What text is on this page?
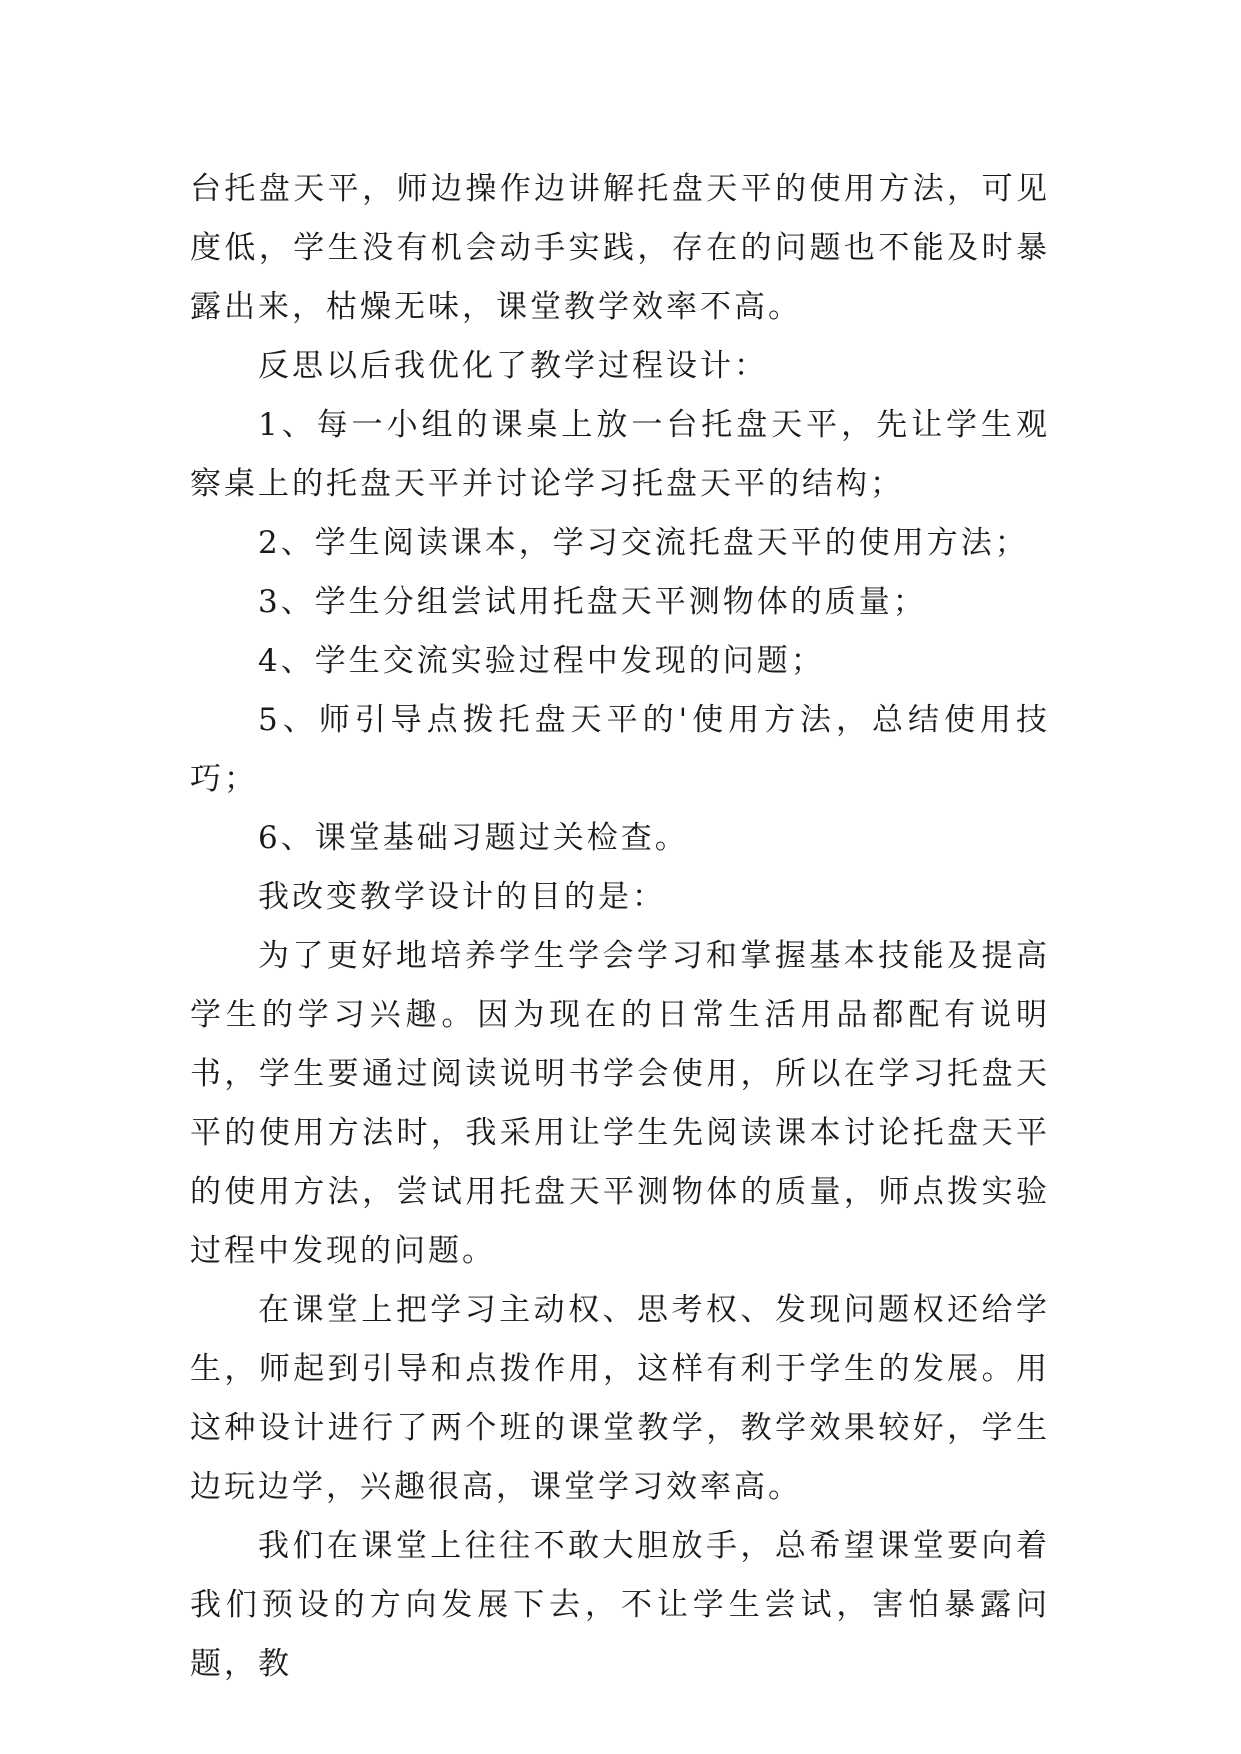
台托盘天平，师边操作边讲解托盘天平的使用方法，可见度低，学生没有机会动手实践，存在的问题也不能及时暴露出来，枯燥无味，课堂教学效率不高。

反思以后我优化了教学过程设计：

1、每一小组的课桌上放一台托盘天平，先让学生观察桌上的托盘天平并讨论学习托盘天平的结构；

2、学生阅读课本，学习交流托盘天平的使用方法；

3、学生分组尝试用托盘天平测物体的质量；

4、学生交流实验过程中发现的问题；

5、师引导点拨托盘天平的'使用方法，总结使用技巧；

6、课堂基础习题过关检查。

我改变教学设计的目的是：

为了更好地培养学生学会学习和掌握基本技能及提高学生的学习兴趣。因为现在的日常生活用品都配有说明书，学生要通过阅读说明书学会使用，所以在学习托盘天平的使用方法时，我采用让学生先阅读课本讨论托盘天平的使用方法，尝试用托盘天平测物体的质量，师点拨实验过程中发现的问题。

在课堂上把学习主动权、思考权、发现问题权还给学生，师起到引导和点拨作用，这样有利于学生的发展。用这种设计进行了两个班的课堂教学，教学效果较好，学生边玩边学，兴趣很高，课堂学习效率高。

我们在课堂上往往不敢大胆放手，总希望课堂要向着我们预设的方向发展下去，不让学生尝试，害怕暴露问题，教
